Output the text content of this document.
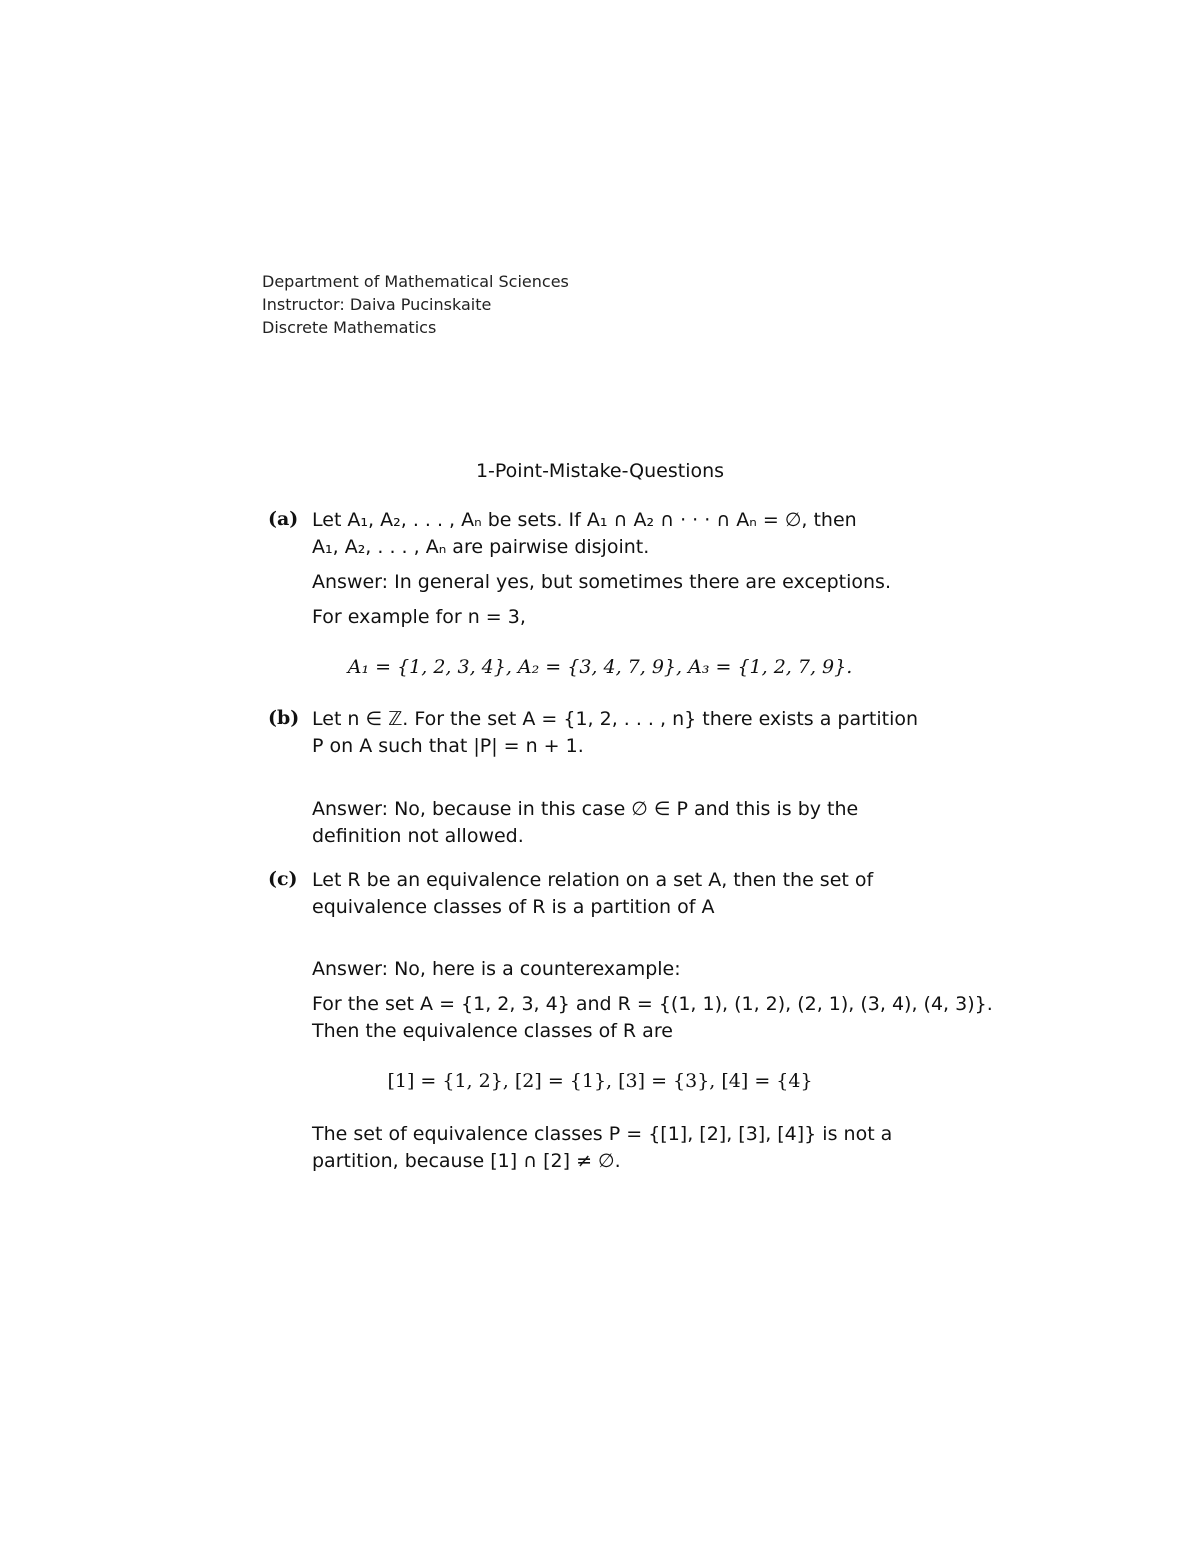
Department of Mathematical Sciences
Instructor: Daiva Pucinskaite
Discrete Mathematics
1-Point-Mistake-Questions
(a) Let A₁, A₂, . . . , Aₙ be sets. If A₁ ∩ A₂ ∩ · · · ∩ Aₙ = ∅, then
A₁, A₂, . . . , Aₙ are pairwise disjoint.
Answer: In general yes, but sometimes there are exceptions.
For example for n = 3,
A₁ = {1, 2, 3, 4}, A₂ = {3, 4, 7, 9}, A₃ = {1, 2, 7, 9}.
(b) Let n ∈ ℤ. For the set A = {1, 2, . . . , n} there exists a partition
P on A such that |P| = n + 1.
Answer: No, because in this case ∅ ∈ P and this is by the
definition not allowed.
(c) Let R be an equivalence relation on a set A, then the set of
equivalence classes of R is a partition of A
Answer: No, here is a counterexample:
For the set A = {1, 2, 3, 4} and R = {(1, 1), (1, 2), (2, 1), (3, 4), (4, 3)}.
Then the equivalence classes of R are
[1] = {1, 2}, [2] = {1}, [3] = {3}, [4] = {4}
The set of equivalence classes P = {[1], [2], [3], [4]} is not a
partition, because [1] ∩ [2] ≠ ∅.
